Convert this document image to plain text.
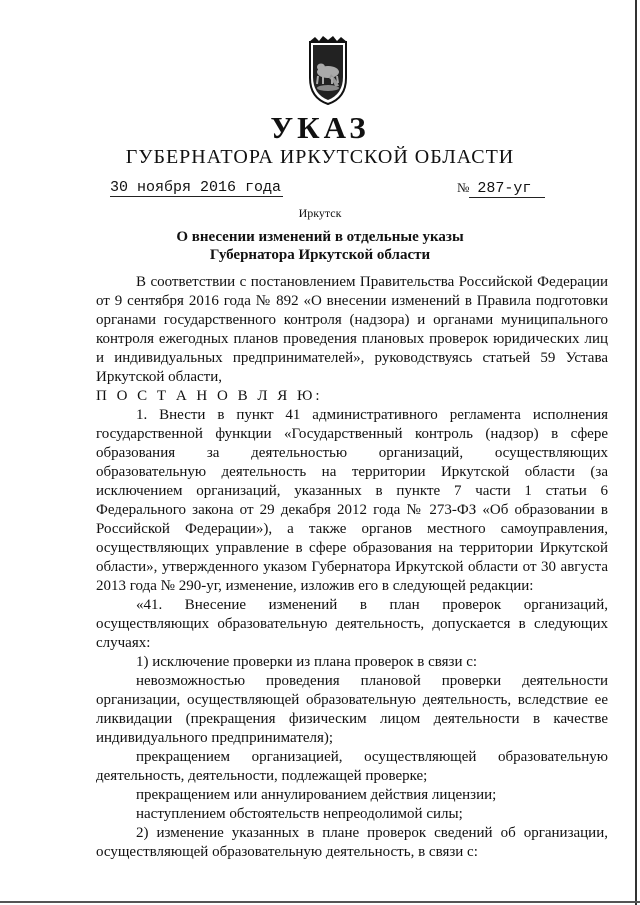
УКАЗ
ГУБЕРНАТОРА ИРКУТСКОЙ ОБЛАСТИ
30 ноября 2016 года	№ 287-уг
Иркутск
О внесении изменений в отдельные указы
Губернатора Иркутской области

В соответствии с постановлением Правительства Российской Федерации от 9 сентября 2016 года № 892 «О внесении изменений в Правила подготовки органами государственного контроля (надзора) и органами муниципального контроля ежегодных планов проведения плановых проверок юридических лиц и индивидуальных предпринимателей», руководствуясь статьей 59 Устава Иркутской области,

П О С Т А Н О В Л Я Ю:

1. Внести в пункт 41 административного регламента исполнения государственной функции «Государственный контроль (надзор) в сфере образования за деятельностью организаций, осуществляющих образовательную деятельность на территории Иркутской области (за исключением организаций, указанных в пункте 7 части 1 статьи 6 Федерального закона от 29 декабря 2012 года № 273-ФЗ «Об образовании в Российской Федерации»), а также органов местного самоуправления, осуществляющих управление в сфере образования на территории Иркутской области», утвержденного указом Губернатора Иркутской области от 30 августа 2013 года № 290-уг, изменение, изложив его в следующей редакции:

«41. Внесение изменений в план проверок организаций, осуществляющих образовательную деятельность, допускается в следующих случаях:

1) исключение проверки из плана проверок в связи с:

невозможностью проведения плановой проверки деятельности организации, осуществляющей образовательную деятельность, вследствие ее ликвидации (прекращения физическим лицом деятельности в качестве индивидуального предпринимателя);

прекращением организацией, осуществляющей образовательную деятельность, деятельности, подлежащей проверке;

прекращением или аннулированием действия лицензии;

наступлением обстоятельств непреодолимой силы;

2) изменение указанных в плане проверок сведений об организации, осуществляющей образовательную деятельность, в связи с:
